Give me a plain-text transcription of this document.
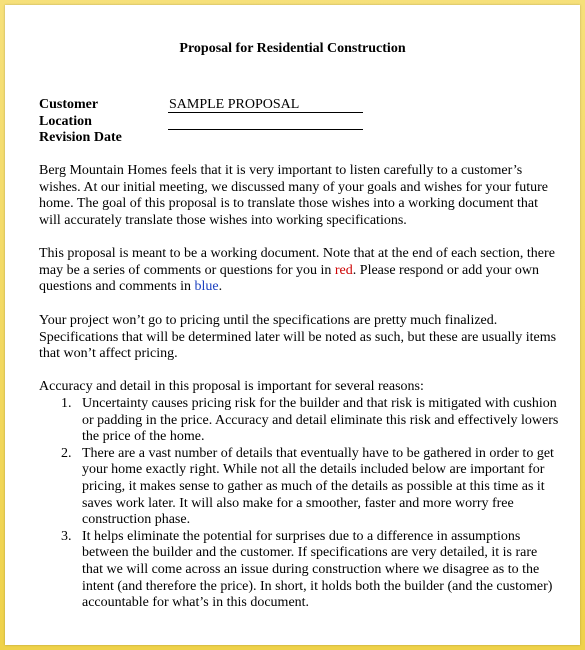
Proposal for Residential Construction
Customer	SAMPLE PROPOSAL
Location
Revision Date
Berg Mountain Homes feels that it is very important to listen carefully to a customer’s wishes. At our initial meeting, we discussed many of your goals and wishes for your future home. The goal of this proposal is to translate those wishes into a working document that will accurately translate those wishes into working specifications.
This proposal is meant to be a working document. Note that at the end of each section, there may be a series of comments or questions for you in red. Please respond or add your own questions and comments in blue.
Your project won’t go to pricing until the specifications are pretty much finalized. Specifications that will be determined later will be noted as such, but these are usually items that won’t affect pricing.
Accuracy and detail in this proposal is important for several reasons:
1. Uncertainty causes pricing risk for the builder and that risk is mitigated with cushion or padding in the price. Accuracy and detail eliminate this risk and effectively lowers the price of the home.
2. There are a vast number of details that eventually have to be gathered in order to get your home exactly right. While not all the details included below are important for pricing, it makes sense to gather as much of the details as possible at this time as it saves work later. It will also make for a smoother, faster and more worry free construction phase.
3. It helps eliminate the potential for surprises due to a difference in assumptions between the builder and the customer. If specifications are very detailed, it is rare that we will come across an issue during construction where we disagree as to the intent (and therefore the price). In short, it holds both the builder (and the customer) accountable for what’s in this document.
